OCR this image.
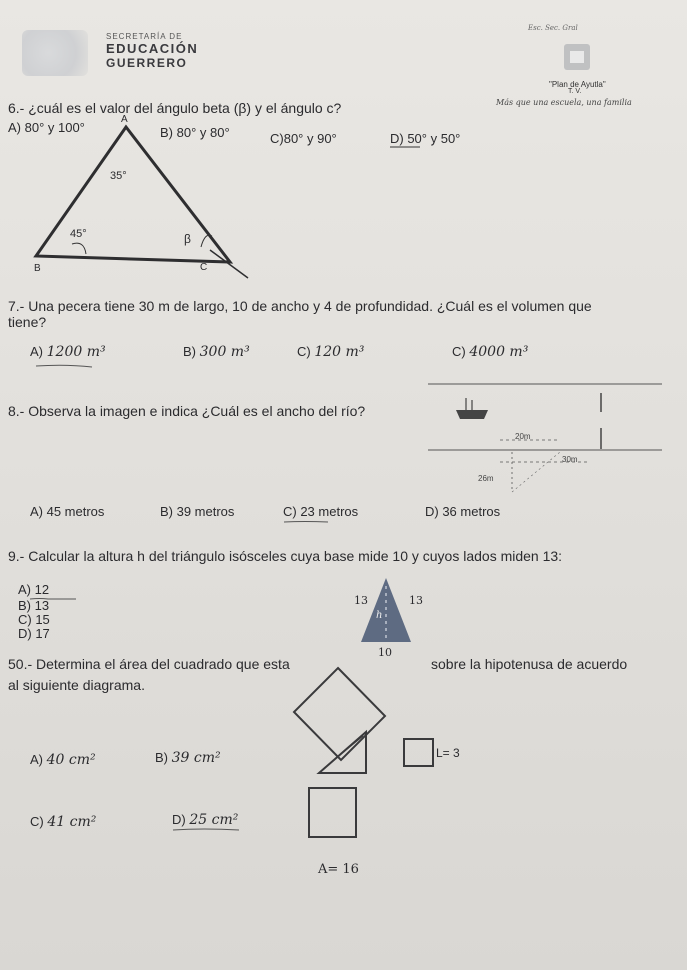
SECRETARÍA DE
EDUCACIÓN
GUERRERO
Esc. Sec. Gral
"Plan de Ayutla"
T. V.
Más que una escuela, una familia
6.- ¿cuál es el valor del ángulo beta (β) y el ángulo c?
A) 80° y 100°	B) 80° y 80°	C)80° y 90°	D) 50° y 50°
A
B	C
35°
45°	β
7.- Una pecera tiene 30 m de largo, 10 de ancho y 4 de profundidad. ¿Cuál es el volumen que
tiene?
A) 1200 m³	B) 300 m³	C) 120 m³	C) 4000 m³
8.- Observa la imagen e indica ¿Cuál es el ancho del río?
20m
30m
26m
A) 45 metros	B) 39 metros	C) 23 metros	D) 36 metros
9.- Calcular la altura h del triángulo isósceles cuya base mide 10 y cuyos lados miden 13:
A) 12
B) 13
C) 15
D) 17
13	13
h
10
50.- Determina el área del cuadrado que esta	sobre la hipotenusa de acuerdo
al siguiente diagrama.
L= 3
A= 16
A) 40 cm²	B) 39 cm²
C) 41 cm²	D) 25 cm²
